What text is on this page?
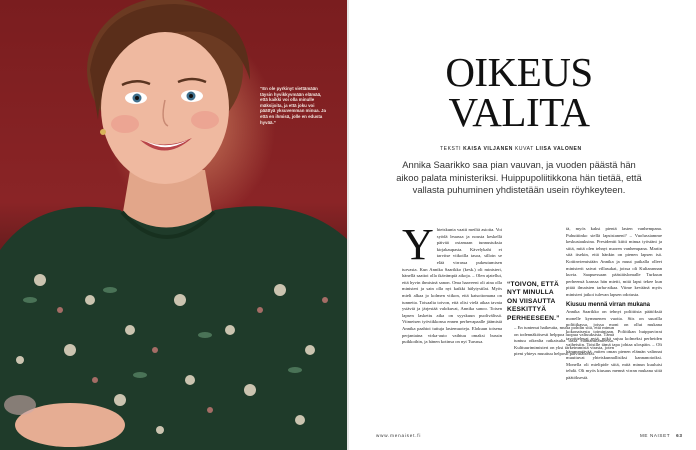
“En ole pyrkinyt viettämään täysin hyvikkyvmään elämää, että kaikki voi olla minulle mäksijoita, ja että joku voi päättyä yksuvemman minua. Ja että en ihmisä, jolle en edusta hyvää.”
OIKEUS
VALITA
TEKSTI KAISA VILJANEN KUVAT LIISA VALONEN
Annika Saarikko saa pian vauvan, ja vuoden päästä hän aikoo palata ministeriksi. Huippupoliitikkona hän tietää, että vallasta puhuminen yhdistetään usein röyhkeyteen.
Y hteiskunta vaatii meiltä asioita. Voi syödä leuassa ja nousta keskellä päivää ostamaan tunnustuksia kirjakaupasta. Kävelykahi et tarvitse viikoilla tasoa, silloin se elää virrassa pukeutumisen turvasta. Kun Annika Saarikko (kesk.) oli ministeri, hänellä saattoi olla ikävämpiä aikoja. – Olen ajatellut, että hyvin ihmisinä sanon. Oma haaveeni oli aina olla ministeri ja sain olla nyt kaikki hälytystilat. Myös mieli alkaa jo kolmen viikon, että katsottomana on tunnetta. Toisaalta toivon, että olisi vielä aikaa tavata ystäviä ja järjestää valokuvat, Annika sanoo. Toisen lapsen laskettu aika on syyskuun puolivälissä. Viimeisen työviikkonsa ennen perhevapaalle jäämistä Annika paahtoi tuttuja lasiemuoteja. Elokuun toisena perjantaina virka-auto vaihtuu omaksi bussin puikkoihin, ja hänen kotinsa on nyt Turussa.

“TOIVON, ETTÄ NYT MINULLA ON VIISAUTTA KESKITTYÄ PERHEESEEN.”

– En tuntenut haikeutta, mutta pohdin sitä, että minun on todennäköisesti helppoa luopua valtuuksista. Tämä tuntuu oikealta ratkaisulta tässä elämäntilanteessa. Kulttuurimimisteri on yksi tärkeimmistä virasta, joten pieni yhteys muuttuu helposti päivittäiseksi.

tä, myös kaksi pientä lasten vanhempana. Puhuttiinko siellä lapsistaneni? – Vuolussiamme keskustauksina. Presidentti kiitti minua työstäni ja siitä, mitä olen tehnyt nuoren vanhempana. Martin sitä itsekin, että hänkin on pienen lapsen isä. Kotiinviemistään Annika ja muut paikalla olleet ministerit saivat villasukat, joissa oli Kultarannan kuvia. Saapuessaan pääsiäislomalle Turkuun perheensä kanssa hän mietti, mitä lapsi tekee kun pitää ilmaisten tarha-aikaa. Viime keväänä myös ministeri jatkoi tulevan lapsen odotusta.

Kiusuu mennä virran mukana

Annika Saarikko on tehnyt poliittisia päätöksiä monelle kymmenen vuotta. Siis on suurilla politiikassa, joissa moni on ollut mukana kokonaisesta toimintaan. Poliitikan huippuvirrat tavoittelevat nytä, mikä sujuu kolmeksi perheiden vaiheisiin. Toisille tämä tapa johtaa ulospäin. – Oli hämmentävää, miten oman pienen elämän valinnat muuttuvat yhteiskunnallisiksi kannanotoiksi. Monella oli mielipide siitä, mitä minun kuuluisi tehdä. Oli myös kiusaus mennä virran mukana siitä päätöksestä.

www.menaiset.fi	ME NAISET 63
